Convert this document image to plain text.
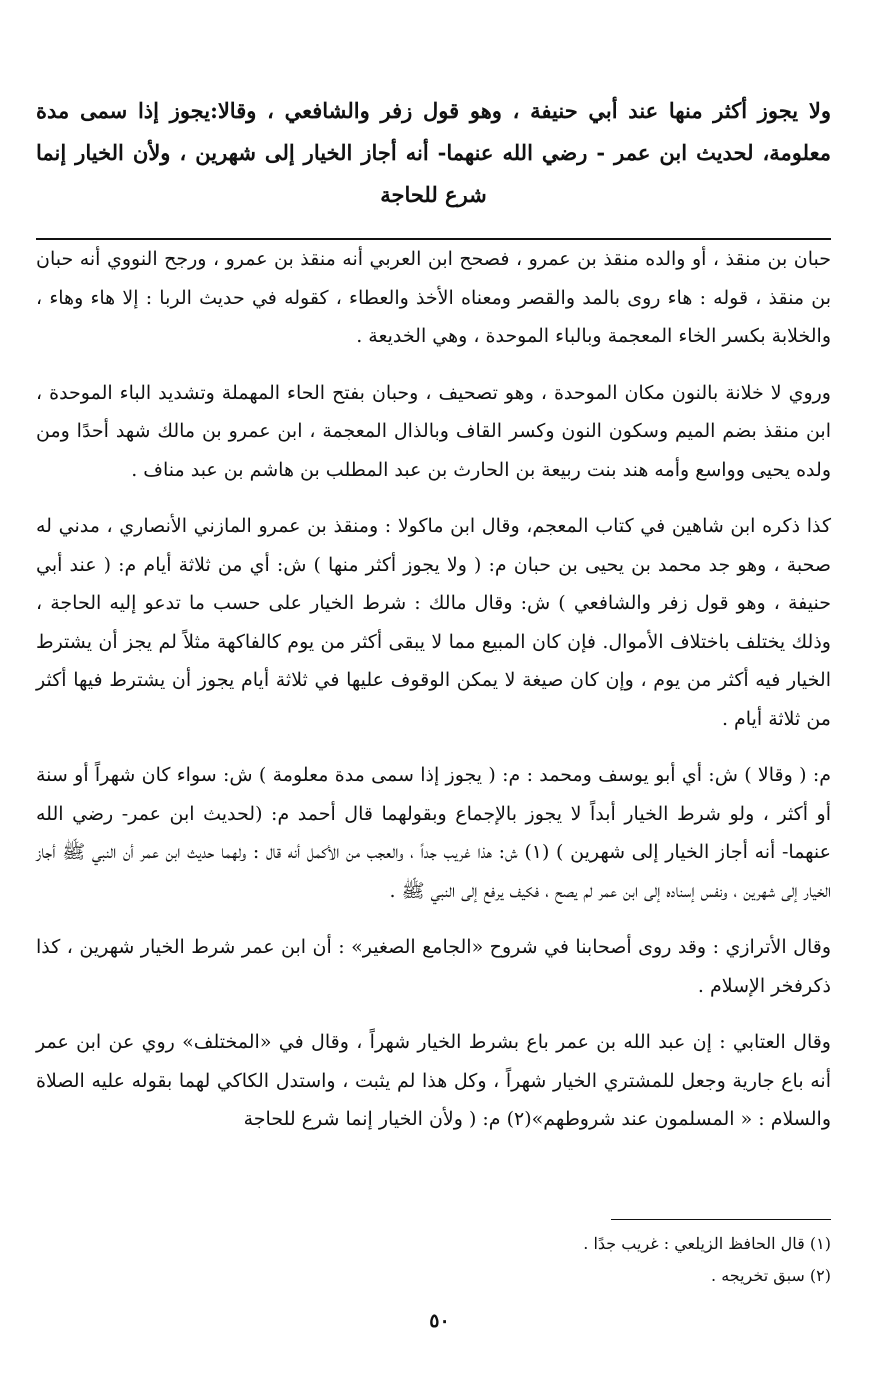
ولا يجوز أكثر منها عند أبي حنيفة ، وهو قول زفر والشافعي ، وقالا:يجوز إذا سمى مدة معلومة، لحديث ابن عمر - رضي الله عنهما- أنه أجاز الخيار إلى شهرين ، ولأن الخيار إنما شرع للحاجة

حبان بن منقذ ، أو والده منقذ بن عمرو ، فصحح ابن العربي أنه منقذ بن عمرو ، ورجح النووي أنه حبان بن منقذ ، قوله : هاء روى بالمد والقصر ومعناه الأخذ والعطاء ، كقوله في حديث الربا : إلا هاء وهاء ، والخلابة بكسر الخاء المعجمة وبالباء الموحدة ، وهي الخديعة .

وروي لا خلانة بالنون مكان الموحدة ، وهو تصحيف ، وحبان بفتح الحاء المهملة وتشديد الباء الموحدة ، ابن منقذ بضم الميم وسكون النون وكسر القاف وبالذال المعجمة ، ابن عمرو بن مالك شهد أحدًا ومن ولده يحيى وواسع وأمه هند بنت ربيعة بن الحارث بن عبد المطلب بن هاشم بن عبد مناف .

كذا ذكره ابن شاهين في كتاب المعجم، وقال ابن ماكولا : ومنقذ بن عمرو المازني الأنصاري ، مدني له صحبة ، وهو جد محمد بن يحيى بن حبان م: ( ولا يجوز أكثر منها ) ش: أي من ثلاثة أيام م: ( عند أبي حنيفة ، وهو قول زفر والشافعي ) ش: وقال مالك : شرط الخيار على حسب ما تدعو إليه الحاجة ، وذلك يختلف باختلاف الأموال. فإن كان المبيع مما لا يبقى أكثر من يوم كالفاكهة مثلاً لم يجز أن يشترط الخيار فيه أكثر من يوم ، وإن كان صيغة لا يمكن الوقوف عليها في ثلاثة أيام يجوز أن يشترط فيها أكثر من ثلاثة أيام .

م: ( وقالا ) ش: أي أبو يوسف ومحمد : م: ( يجوز إذا سمى مدة معلومة ) ش: سواء كان شهراً أو سنة أو أكثر ، ولو شرط الخيار أبداً لا يجوز بالإجماع وبقولهما قال أحمد م: (لحديث ابن عمر- رضي الله عنهما- أنه أجاز الخيار إلى شهرين ) (١) ش: هذا غريب جداً ، والعجب من الأكمل أنه قال : ولهما حديث ابن عمر أن النبي ﷺ أجاز الخيار إلى شهرين ، ونفس إسناده إلى ابن عمر لم يصح ، فكيف يرفع إلى النبي ﷺ .

وقال الأترازي : وقد روى أصحابنا في شروح «الجامع الصغير» : أن ابن عمر شرط الخيار شهرين ، كذا ذكرفخر الإسلام .

وقال العتابي : إن عبد الله بن عمر باع بشرط الخيار شهراً ، وقال في «المختلف» روي عن ابن عمر أنه باع جارية وجعل للمشتري الخيار شهراً ، وكل هذا لم يثبت ، واستدل الكاكي لهما بقوله عليه الصلاة والسلام : « المسلمون عند شروطهم»(٢) م: ( ولأن الخيار إنما شرع للحاجة

(١) قال الحافظ الزيلعي : غريب جدًا .
(٢) سبق تخريجه .
٥٠
